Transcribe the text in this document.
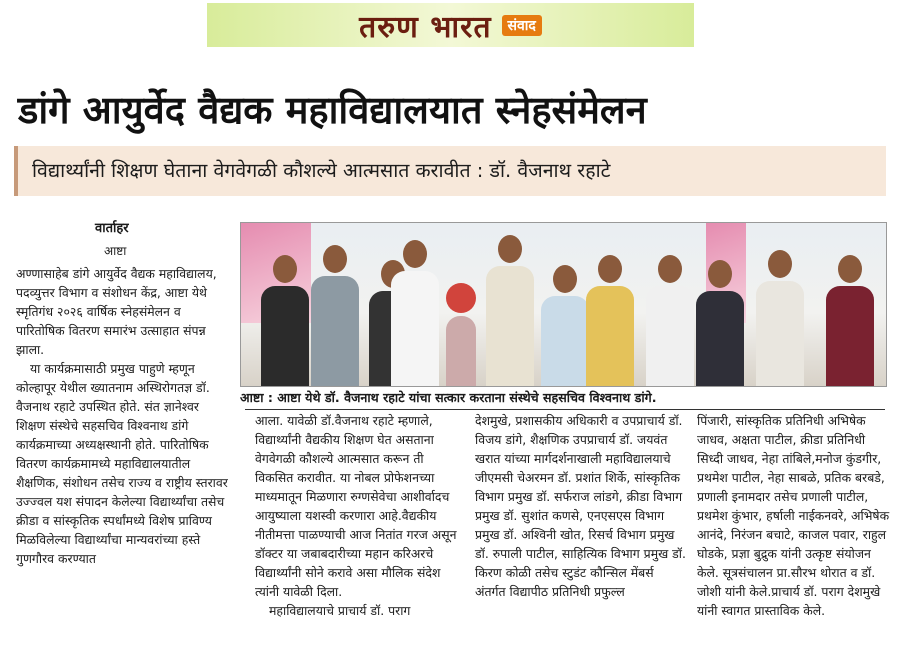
तरुण भारत	संवाद
डांगे आयुर्वेद वैद्यक महाविद्यालयात स्नेहसंमेलन
विद्यार्थ्यांनी शिक्षण घेताना वेगवेगळी कौशल्ये आत्मसात करावीत : डॉ. वैजनाथ रहाटे
वार्ताहर
आष्टा

अण्णासाहेब डांगे आयुर्वेद वैद्यक महाविद्यालय, पदव्युत्तर विभाग व संशोधन केंद्र, आष्टा येथे स्मृतिगंध २०२६ वार्षिक स्नेहसंमेलन व पारितोषिक वितरण समारंभ उत्साहात संपन्न झाला.

या कार्यक्रमासाठी प्रमुख पाहुणे म्हणून कोल्हापूर येथील ख्यातनाम अस्थिरोगतज्ञ डॉ. वैजनाथ रहाटे उपस्थित होते. संत ज्ञानेश्वर शिक्षण संस्थेचे सहसचिव विश्वनाथ डांगे कार्यक्रमाच्या अध्यक्षस्थानी होते. पारितोषिक वितरण कार्यक्रमामध्ये महाविद्यालयातील शैक्षणिक, संशोधन तसेच राज्य व राष्ट्रीय स्तरावर उज्ज्वल यश संपादन केलेल्या विद्यार्थ्यांचा तसेच क्रीडा व सांस्कृतिक स्पर्धांमध्ये विशेष प्राविण्य मिळविलेल्या विद्यार्थ्यांचा मान्यवरांच्या हस्ते गुणगौरव करण्यात

आष्टा : आष्टा येथे डॉ. वैजनाथ रहाटे यांचा सत्कार करताना संस्थेचे सहसचिव विश्वनाथ डांगे.

आला. यावेळी डॉ.वैजनाथ रहाटे म्हणाले, विद्यार्थ्यांनी वैद्यकीय शिक्षण घेत असताना वेगवेगळी कौशल्ये आत्मसात करून ती विकसित करावीत. या नोबल प्रोफेशनच्या माध्यमातून मिळणारा रुग्णसेवेचा आशीर्वादच आयुष्याला यशस्वी करणारा आहे.वैद्यकीय नीतीमत्ता पाळण्याची आज नितांत गरज असून डॉक्टर या जबाबदारीच्या महान करिअरचे विद्यार्थ्यांनी सोने करावे असा मौलिक संदेश त्यांनी यावेळी दिला.

महाविद्यालयाचे प्राचार्य डॉ. पराग

देशमुखे, प्रशासकीय अधिकारी व उपप्राचार्य डॉ. विजय डांगे, शैक्षणिक उपप्राचार्य डॉ. जयवंत खरात यांच्या मार्गदर्शनाखाली महाविद्यालयाचे जीएमसी चेअरमन डॉ. प्रशांत शिर्के, सांस्कृतिक विभाग प्रमुख डॉ. सर्फराज लांडगे, क्रीडा विभाग प्रमुख डॉ. सुशांत कणसे, एनएसएस विभाग प्रमुख डॉ. अश्विनी खोत, रिसर्च विभाग प्रमुख डॉ. रुपाली पाटील, साहित्यिक विभाग प्रमुख डॉ. किरण कोळी तसेच स्टुडंट कौन्सिल मेंबर्स अंतर्गत विद्यापीठ प्रतिनिधी प्रफुल्ल

पिंजारी, सांस्कृतिक प्रतिनिधी अभिषेक जाधव, अक्षता पाटील, क्रीडा प्रतिनिधी सिध्दी जाधव, नेहा तांबिले,मनोज कुंडगीर, प्रथमेश पाटील, नेहा साबळे, प्रतिक बरबडे, प्रणाली इनामदार तसेच प्रणाली पाटील, प्रथमेश कुंभार, हर्षाली नाईकनवरे, अभिषेक आनंदे, निरंजन बचाटे, काजल पवार, राहुल घोडके, प्रज्ञा बुद्रुक यांनी उत्कृष्ट संयोजन केले. सूत्रसंचालन प्रा.सौरभ थोरात व डॉ. जोशी यांनी केले.प्राचार्य डॉ. पराग देशमुखे यांनी स्वागत प्रास्ताविक केले.
